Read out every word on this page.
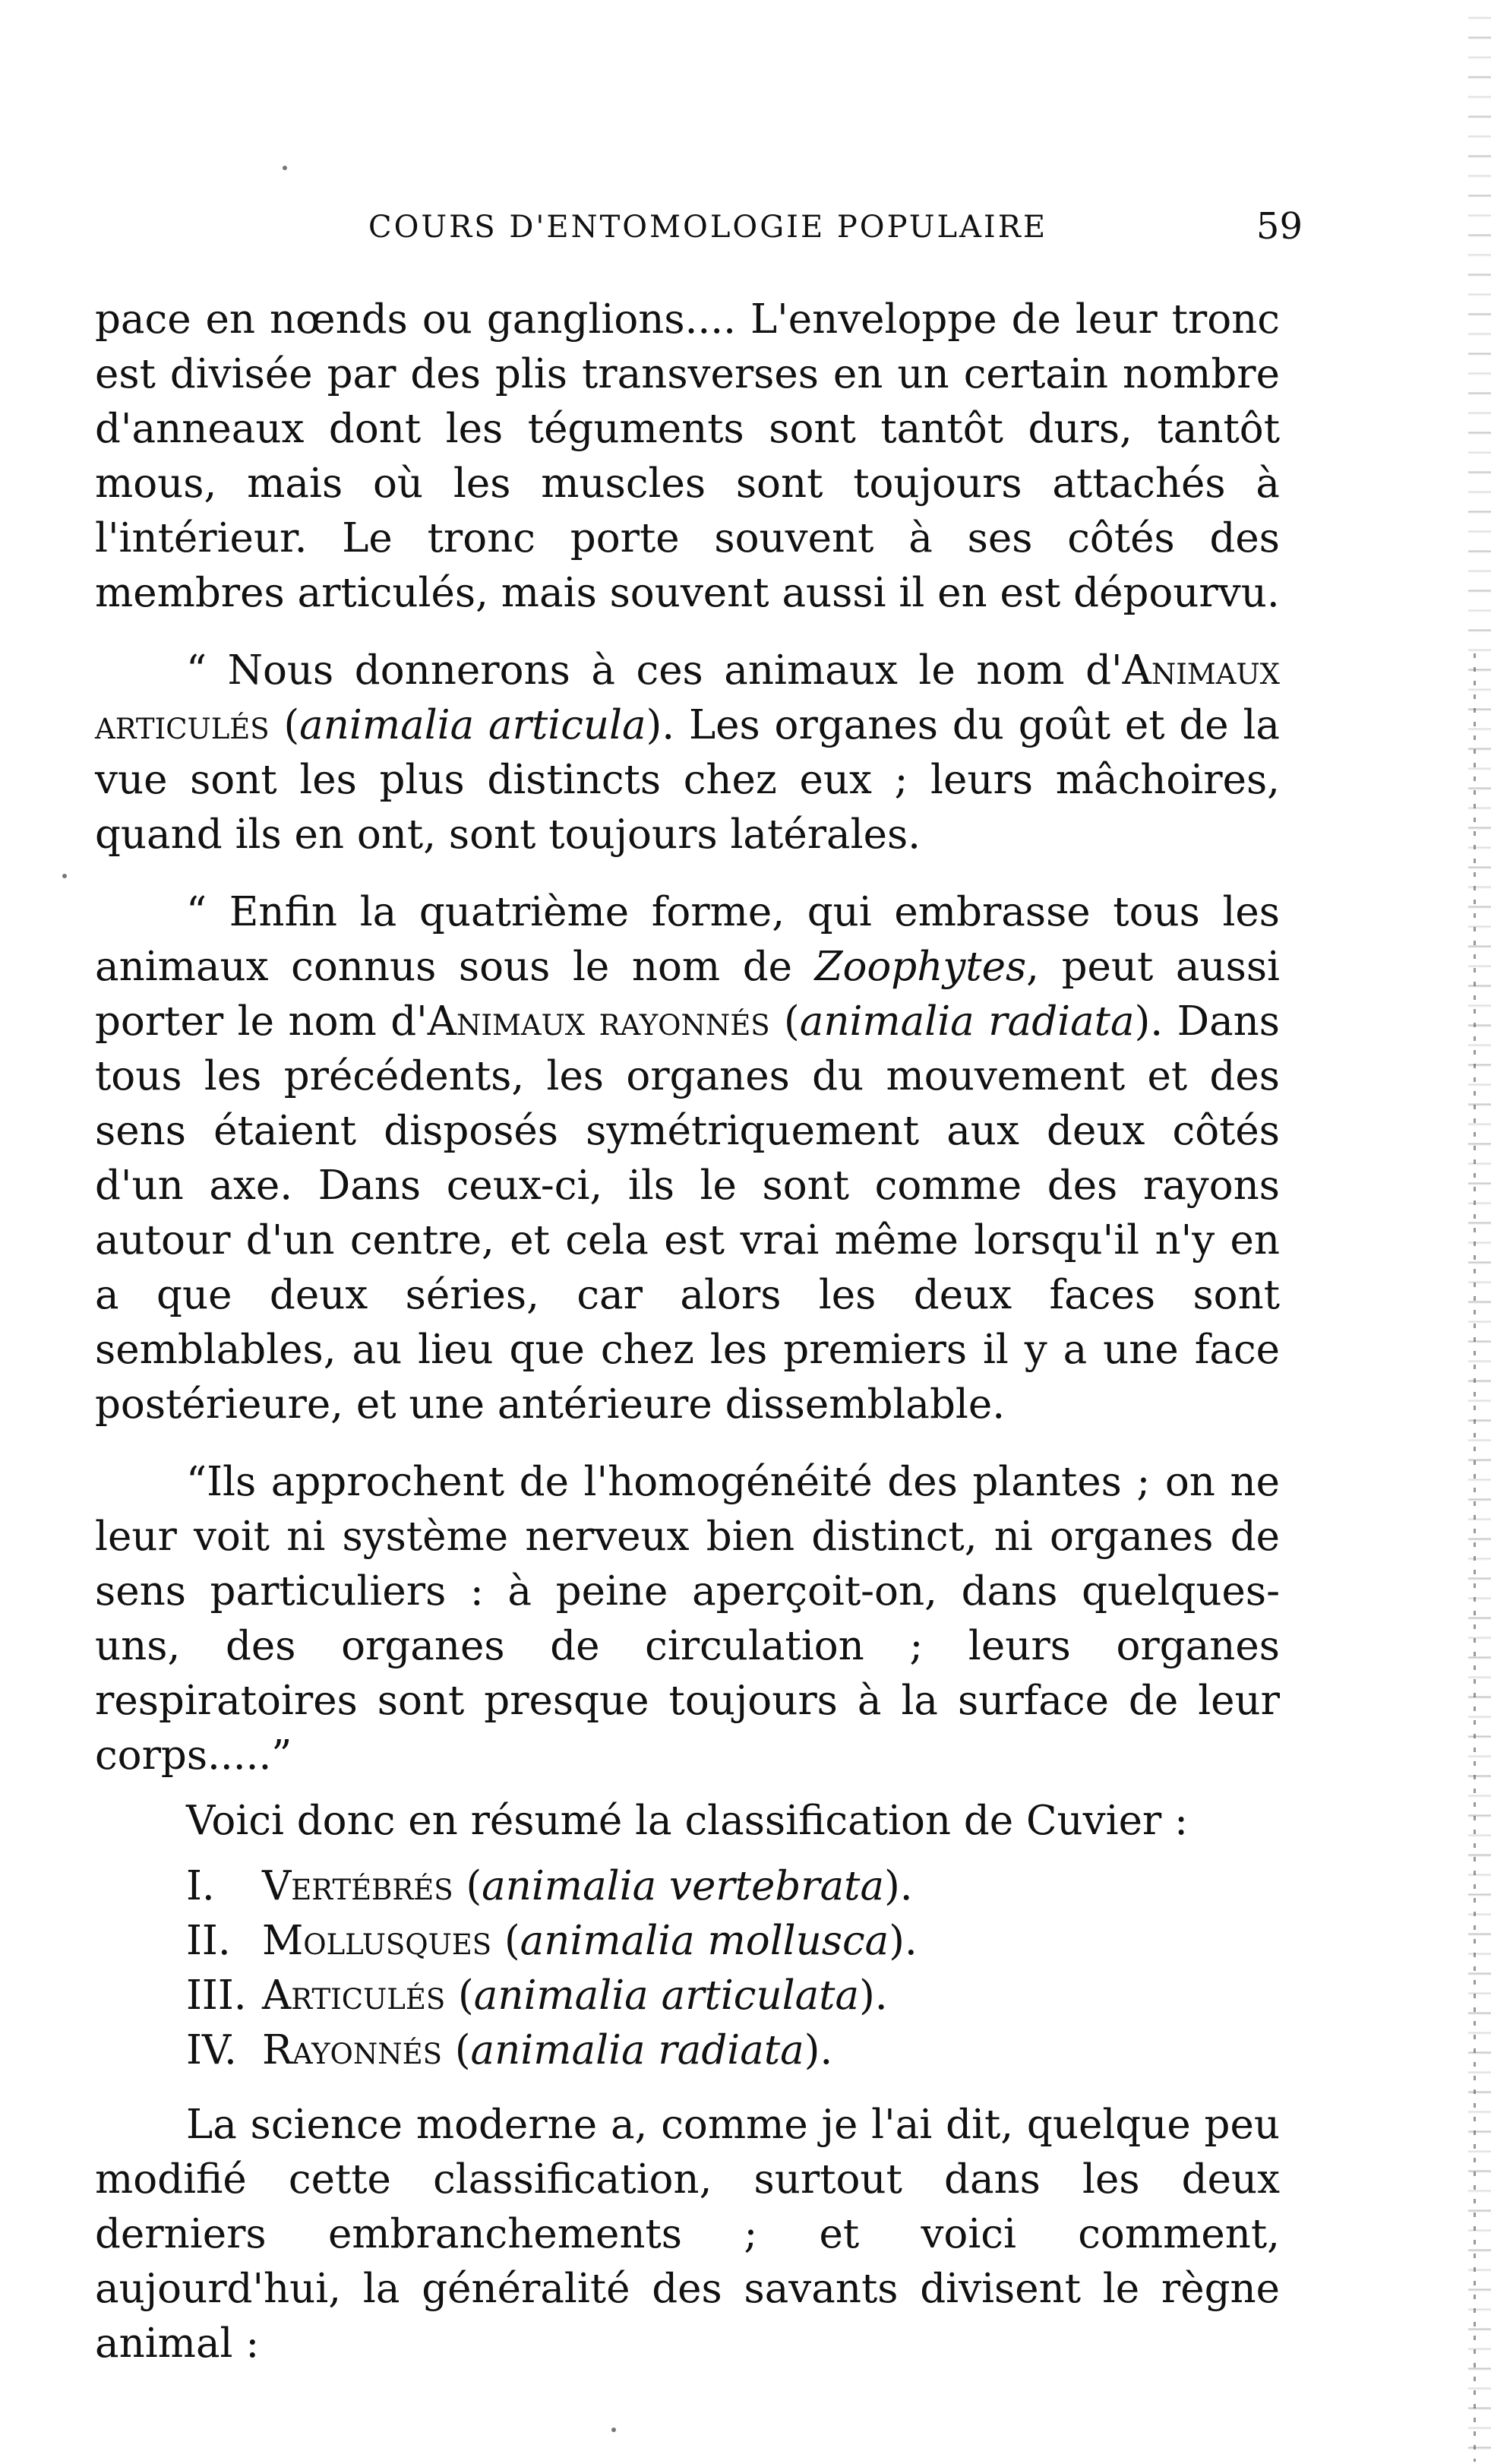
COURS D'ENTOMOLOGIE POPULAIRE	59

pace en nœnds ou ganglions.... L'enveloppe de leur tronc est divisée par des plis transverses en un certain nombre d'anneaux dont les téguments sont tantôt durs, tantôt mous, mais où les muscles sont toujours attachés à l'intérieur. Le tronc porte souvent à ses côtés des membres articulés, mais souvent aussi il en est dépourvu.

“ Nous donnerons à ces animaux le nom d'Animaux articulés (animalia articula). Les organes du goût et de la vue sont les plus distincts chez eux ; leurs mâchoires, quand ils en ont, sont toujours latérales.

“ Enfin la quatrième forme, qui embrasse tous les animaux connus sous le nom de Zoophytes, peut aussi porter le nom d'Animaux rayonnés (animalia radiata). Dans tous les précédents, les organes du mouvement et des sens étaient disposés symétriquement aux deux côtés d'un axe. Dans ceux-ci, ils le sont comme des rayons autour d'un centre, et cela est vrai même lorsqu'il n'y en a que deux séries, car alors les deux faces sont semblables, au lieu que chez les premiers il y a une face postérieure, et une antérieure dissemblable.

“Ils approchent de l'homogénéité des plantes ; on ne leur voit ni système nerveux bien distinct, ni organes de sens particuliers : à peine aperçoit-on, dans quelques-uns, des organes de circulation ; leurs organes respiratoires sont presque toujours à la surface de leur corps.....”

Voici donc en résumé la classification de Cuvier :

I. Vertébrés (animalia vertebrata).
II. Mollusques (animalia mollusca).
III. Articulés (animalia articulata).
IV. Rayonnés (animalia radiata).

La science moderne a, comme je l'ai dit, quelque peu modifié cette classification, surtout dans les deux derniers embranchements ; et voici comment, aujourd'hui, la généralité des savants divisent le règne animal :
